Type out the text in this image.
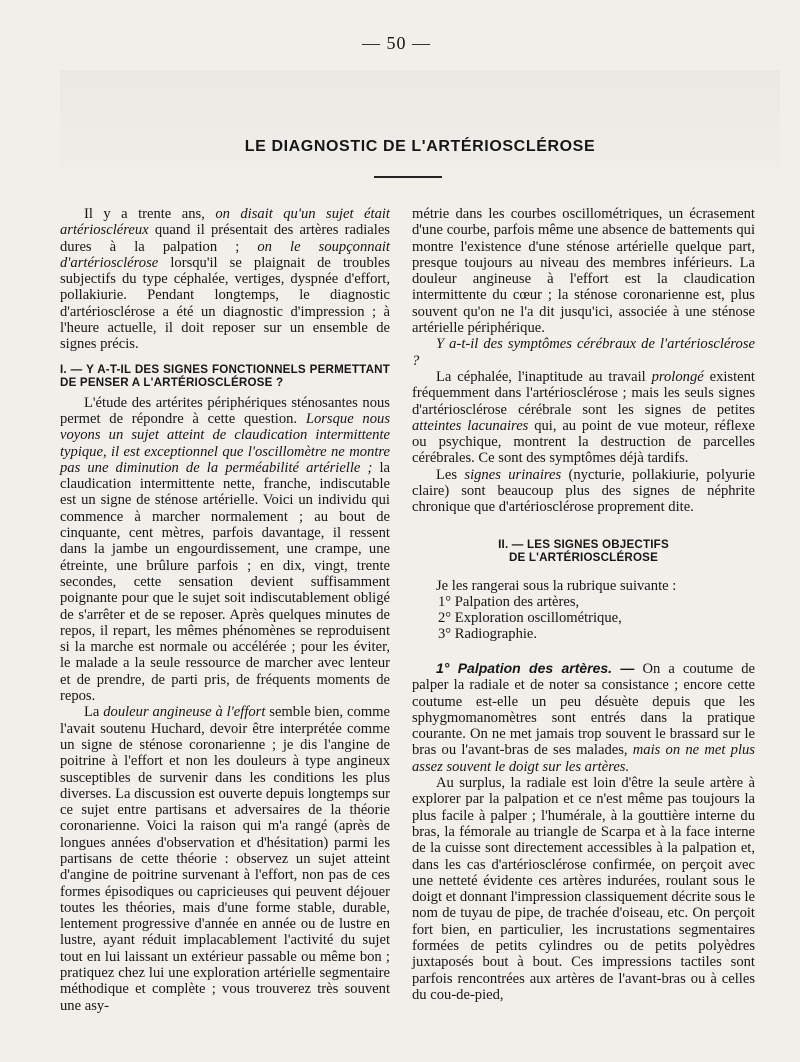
— 50 —
LE DIAGNOSTIC DE L'ARTÉRIOSCLÉROSE

Il y a trente ans, on disait qu'un sujet était artérioscléreux quand il présentait des artères radiales dures à la palpation ; on le soupçonnait d'artériosclérose lorsqu'il se plaignait de troubles subjectifs du type céphalée, vertiges, dyspnée d'effort, pollakiurie. Pendant longtemps, le diagnostic d'artériosclérose a été un diagnostic d'impression ; à l'heure actuelle, il doit reposer sur un ensemble de signes précis.

I. — Y A-T-IL DES SIGNES FONCTIONNELS PERMETTANT DE PENSER A L'ARTÉRIOSCLÉROSE ?

L'étude des artérites périphériques sténosantes nous permet de répondre à cette question. Lorsque nous voyons un sujet atteint de claudication intermittente typique, il est exceptionnel que l'oscillomètre ne montre pas une diminution de la perméabilité artérielle ; la claudication intermittente nette, franche, indiscutable est un signe de sténose artérielle. Voici un individu qui commence à marcher normalement ; au bout de cinquante, cent mètres, parfois davantage, il ressent dans la jambe un engourdissement, une crampe, une étreinte, une brûlure parfois ; en dix, vingt, trente secondes, cette sensation devient suffisamment poignante pour que le sujet soit indiscutablement obligé de s'arrêter et de se reposer. Après quelques minutes de repos, il repart, les mêmes phénomènes se reproduisent si la marche est normale ou accélérée ; pour les éviter, le malade a la seule ressource de marcher avec lenteur et de prendre, de parti pris, de fréquents moments de repos.

La douleur angineuse à l'effort semble bien, comme l'avait soutenu Huchard, devoir être interprétée comme un signe de sténose coronarienne ; je dis l'angine de poitrine à l'effort et non les douleurs à type angineux susceptibles de survenir dans les conditions les plus diverses. La discussion est ouverte depuis longtemps sur ce sujet entre partisans et adversaires de la théorie coronarienne. Voici la raison qui m'a rangé (après de longues années d'observation et d'hésitation) parmi les partisans de cette théorie : observez un sujet atteint d'angine de poitrine survenant à l'effort, non pas de ces formes épisodiques ou capricieuses qui peuvent déjouer toutes les théories, mais d'une forme stable, durable, lentement progressive d'année en année ou de lustre en lustre, ayant réduit implacablement l'activité du sujet tout en lui laissant un extérieur passable ou même bon ; pratiquez chez lui une exploration artérielle segmentaire méthodique et complète ; vous trouverez très souvent une asy-

métrie dans les courbes oscillométriques, un écrasement d'une courbe, parfois même une absence de battements qui montre l'existence d'une sténose artérielle quelque part, presque toujours au niveau des membres inférieurs. La douleur angineuse à l'effort est la claudication intermittente du cœur ; la sténose coronarienne est, plus souvent qu'on ne l'a dit jusqu'ici, associée à une sténose artérielle périphérique.

Y a-t-il des symptômes cérébraux de l'artériosclérose ?

La céphalée, l'inaptitude au travail prolongé existent fréquemment dans l'artériosclérose ; mais les seuls signes d'artériosclérose cérébrale sont les signes de petites atteintes lacunaires qui, au point de vue moteur, réflexe ou psychique, montrent la destruction de parcelles cérébrales. Ce sont des symptômes déjà tardifs.

Les signes urinaires (nycturie, pollakiurie, polyurie claire) sont beaucoup plus des signes de néphrite chronique que d'artériosclérose proprement dite.

II. — LES SIGNES OBJECTIFS
DE L'ARTÉRIOSCLÉROSE

Je les rangerai sous la rubrique suivante :

1° Palpation des artères,
2° Exploration oscillométrique,
3° Radiographie.

1° Palpation des artères. — On a coutume de palper la radiale et de noter sa consistance ; encore cette coutume est-elle un peu désuète depuis que les sphygmomanomètres sont entrés dans la pratique courante. On ne met jamais trop souvent le brassard sur le bras ou l'avant-bras de ses malades, mais on ne met plus assez souvent le doigt sur les artères.

Au surplus, la radiale est loin d'être la seule artère à explorer par la palpation et ce n'est même pas toujours la plus facile à palper ; l'humérale, à la gouttière interne du bras, la fémorale au triangle de Scarpa et à la face interne de la cuisse sont directement accessibles à la palpation et, dans les cas d'artériosclérose confirmée, on perçoit avec une netteté évidente ces artères indurées, roulant sous le doigt et donnant l'impression classiquement décrite sous le nom de tuyau de pipe, de trachée d'oiseau, etc. On perçoit fort bien, en particulier, les incrustations segmentaires formées de petits cylindres ou de petits polyèdres juxtaposés bout à bout. Ces impressions tactiles sont parfois rencontrées aux artères de l'avant-bras ou à celles du cou-de-pied,
